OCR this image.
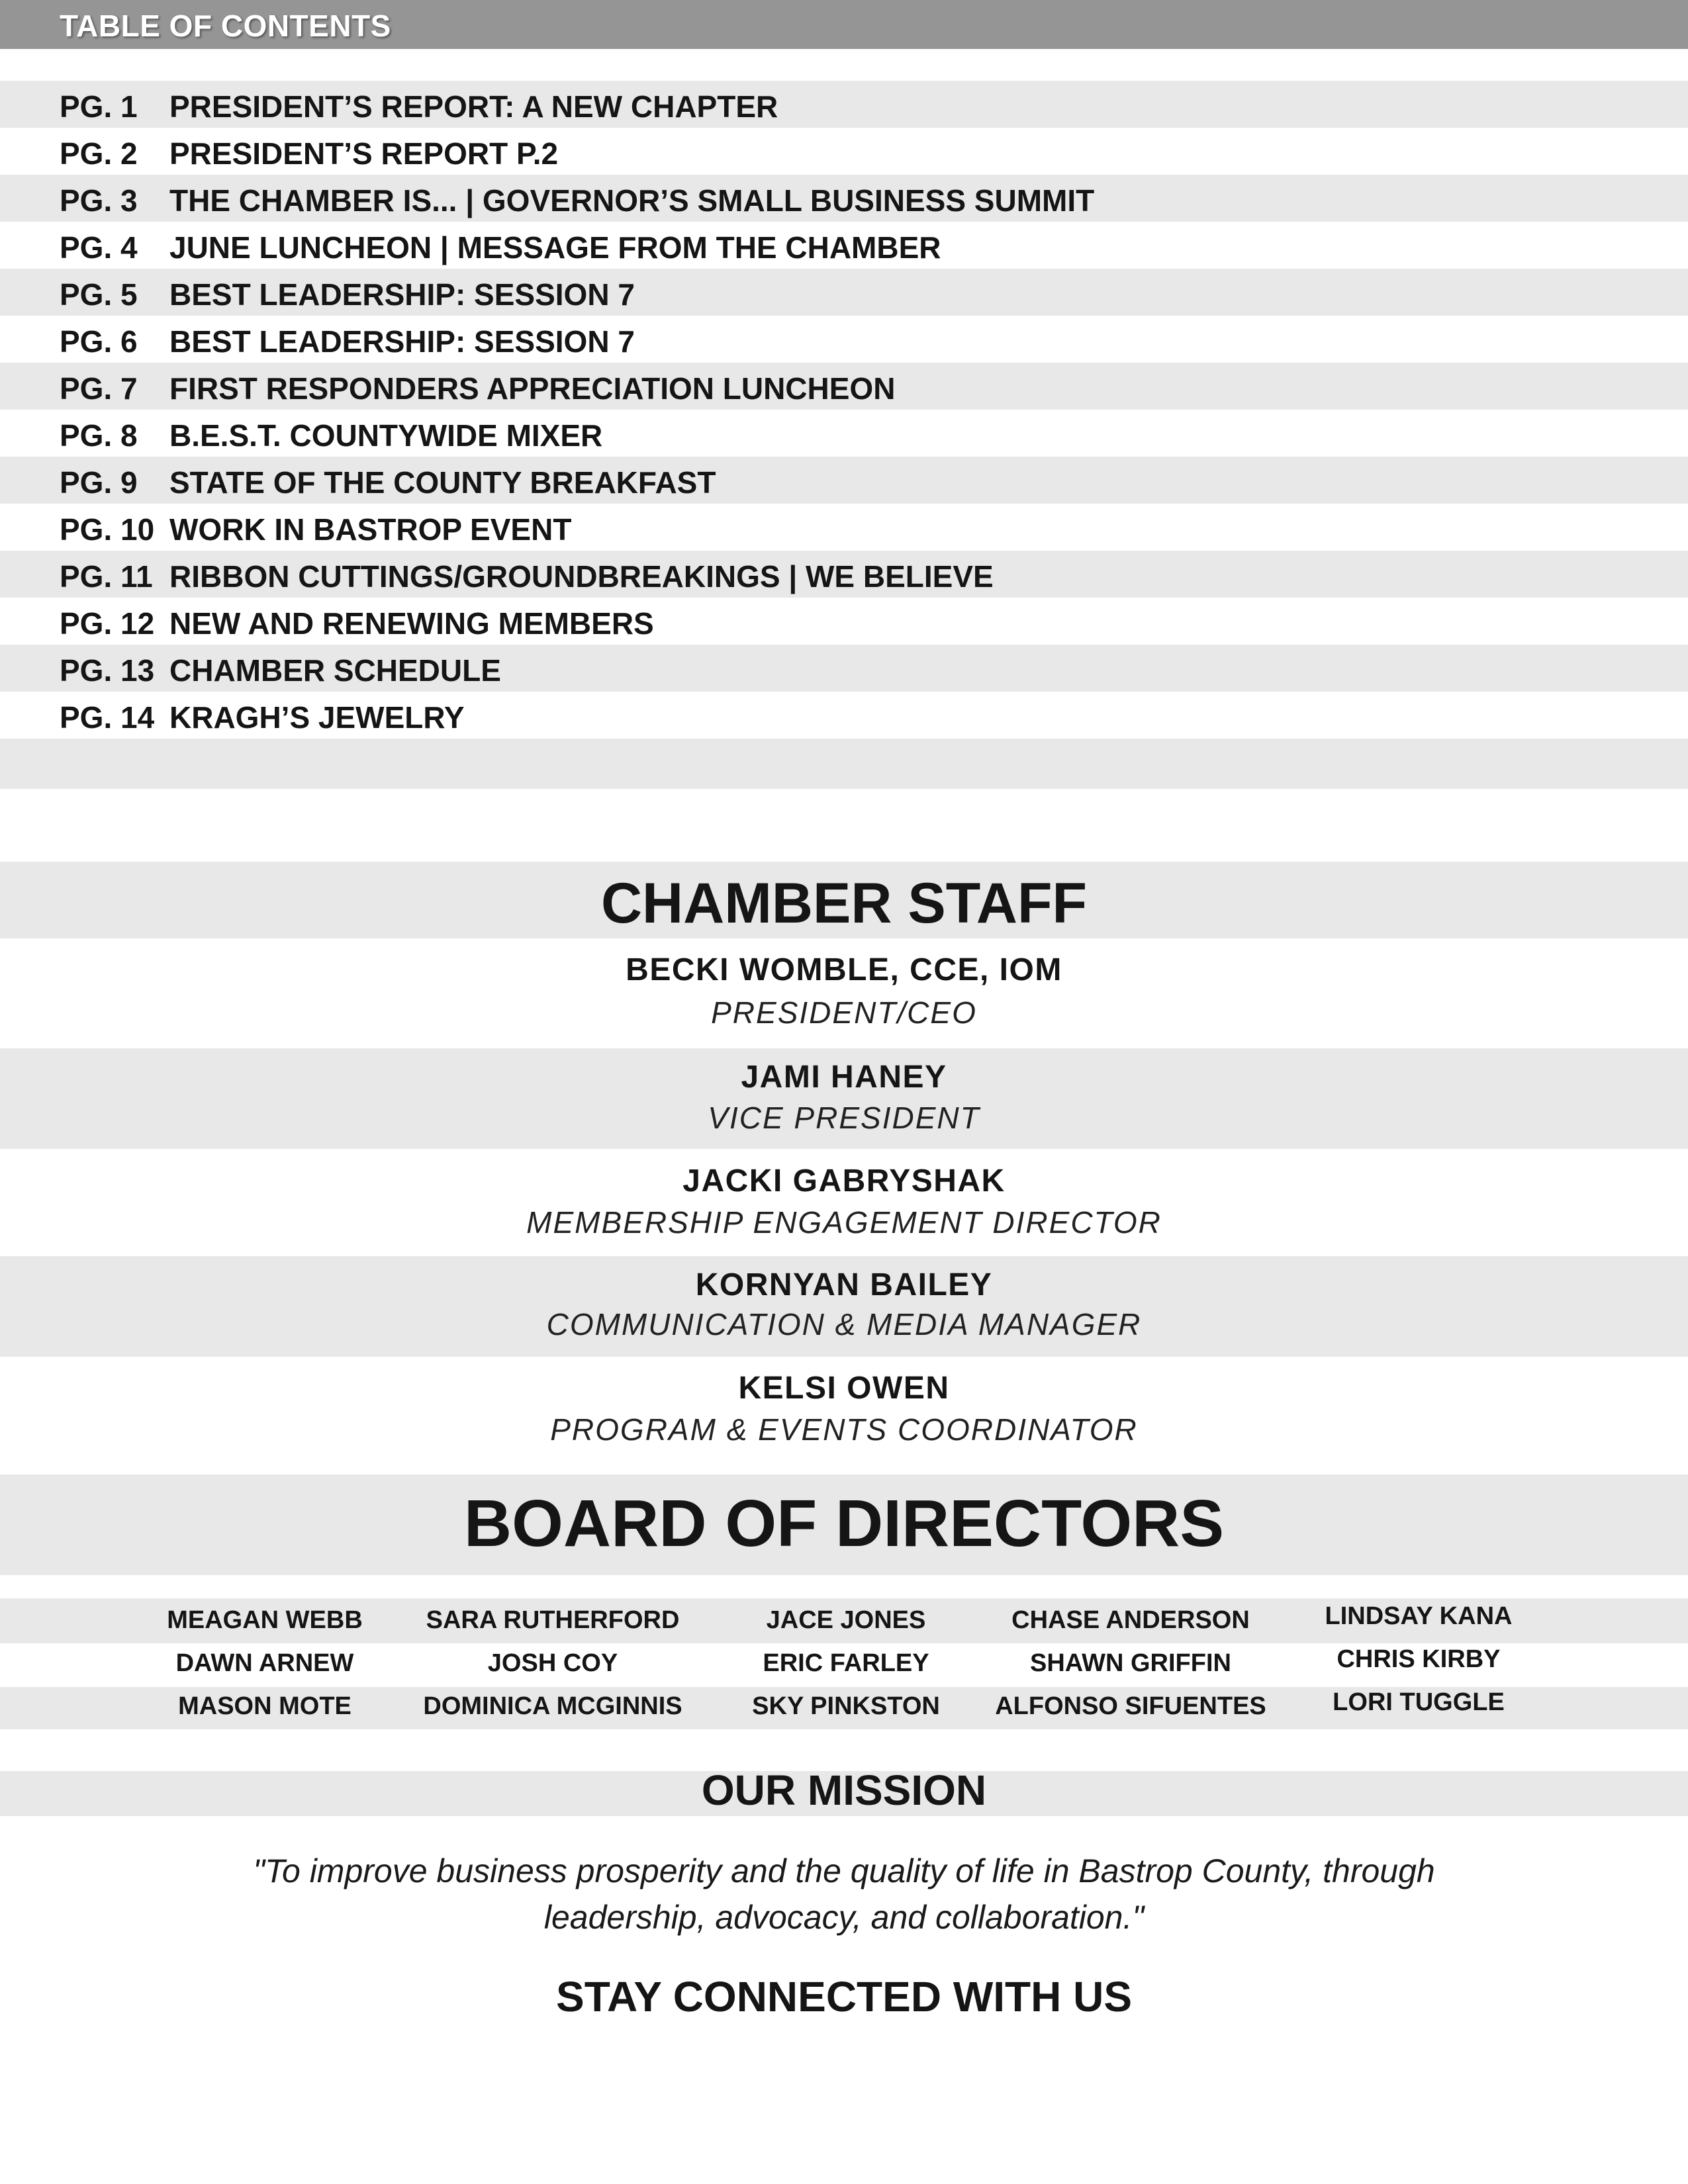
TABLE OF CONTENTS
PG. 1 PRESIDENT’S REPORT: A NEW CHAPTER
PG. 2 PRESIDENT’S REPORT P.2
PG. 3 THE CHAMBER IS... | GOVERNOR’S SMALL BUSINESS SUMMIT
PG. 4 JUNE LUNCHEON | MESSAGE FROM THE CHAMBER
PG. 5 BEST LEADERSHIP: SESSION 7
PG. 6 BEST LEADERSHIP: SESSION 7
PG. 7 FIRST RESPONDERS APPRECIATION LUNCHEON
PG. 8 B.E.S.T. COUNTYWIDE MIXER
PG. 9 STATE OF THE COUNTY BREAKFAST
PG. 10 WORK IN BASTROP EVENT
PG. 11 RIBBON CUTTINGS/GROUNDBREAKINGS | WE BELIEVE
PG. 12 NEW AND RENEWING MEMBERS
PG. 13 CHAMBER SCHEDULE
PG. 14 KRAGH’S JEWELRY
CHAMBER STAFF
BECKI WOMBLE, CCE, IOM
PRESIDENT/CEO
JAMI HANEY
VICE PRESIDENT
JACKI GABRYSHAK
MEMBERSHIP ENGAGEMENT DIRECTOR
KORNYAN BAILEY
COMMUNICATION & MEDIA MANAGER
KELSI OWEN
PROGRAM & EVENTS COORDINATOR
BOARD OF DIRECTORS
MEAGAN WEBB
DAWN ARNEW
MASON MOTE
SARA RUTHERFORD
JOSH COY
DOMINICA MCGINNIS
JACE JONES
ERIC FARLEY
SKY PINKSTON
CHASE ANDERSON
SHAWN GRIFFIN
ALFONSO SIFUENTES
LINDSAY KANA
CHRIS KIRBY
LORI TUGGLE
OUR MISSION
"To improve business prosperity and the quality of life in Bastrop County, through
leadership, advocacy, and collaboration."
STAY CONNECTED WITH US
